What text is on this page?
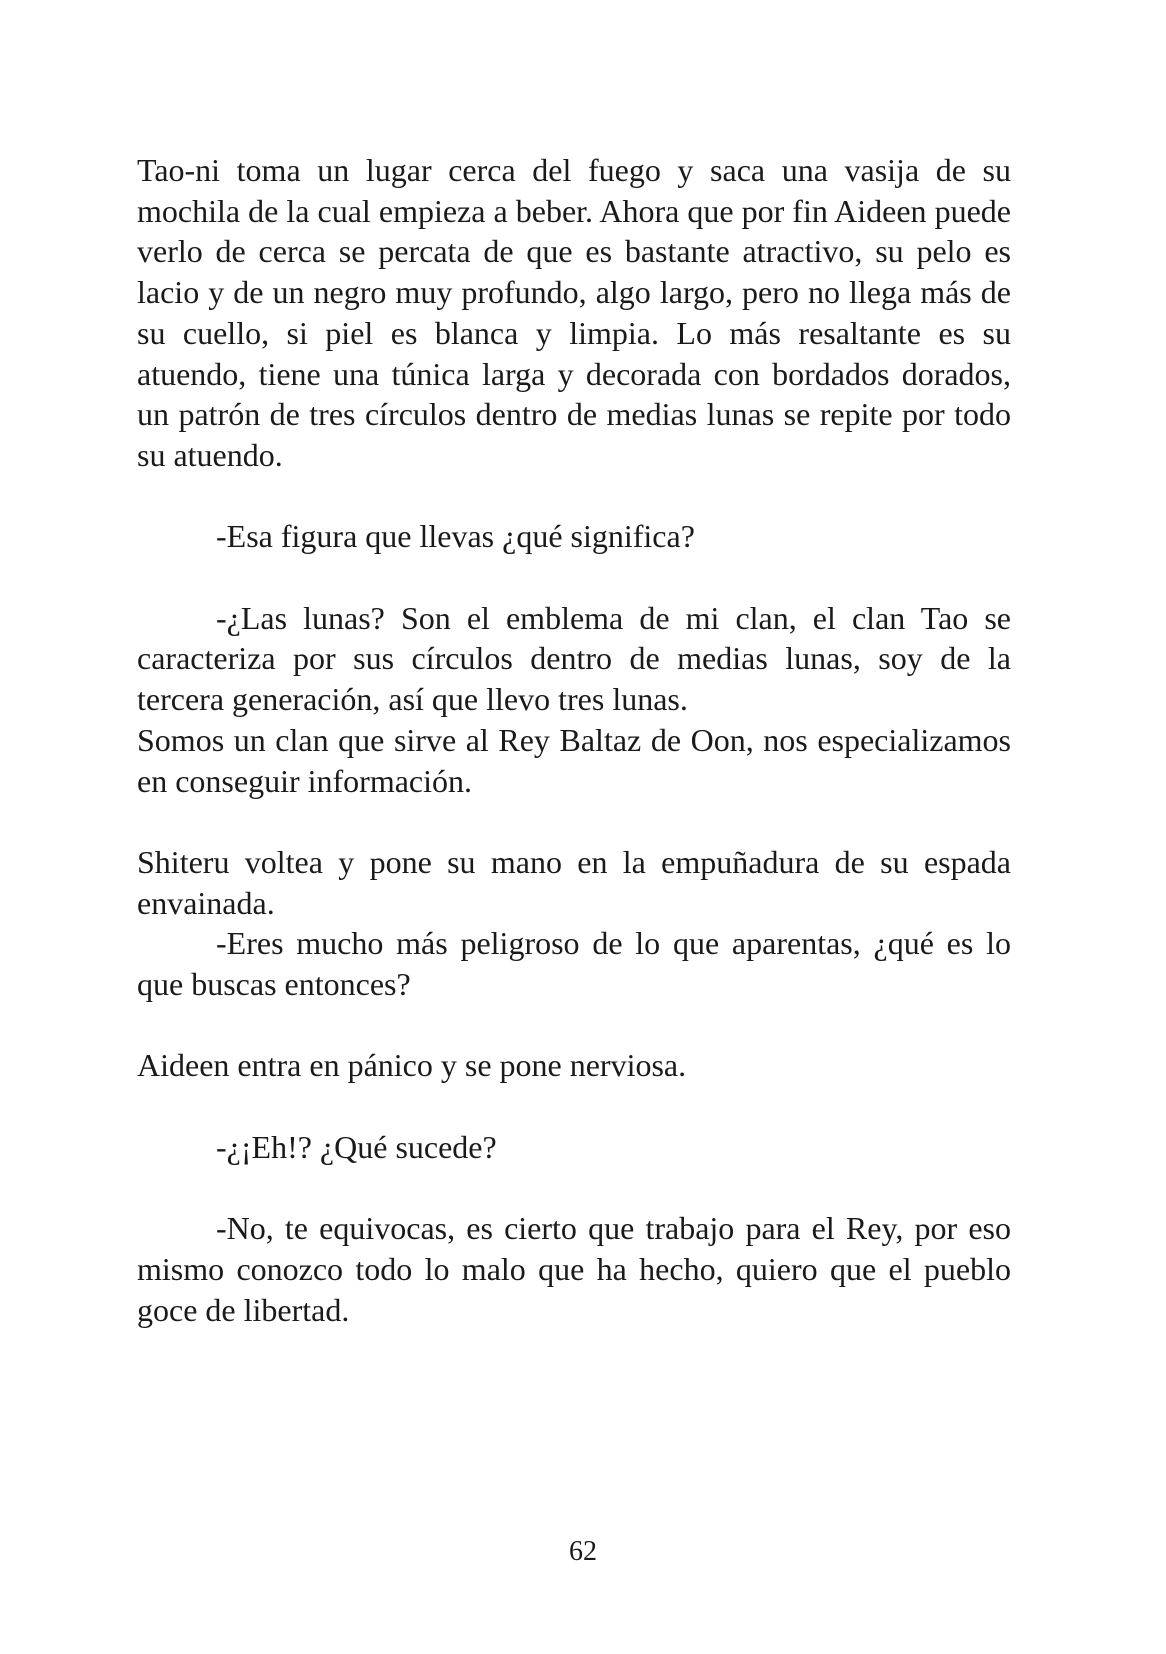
Tao-ni toma un lugar cerca del fuego y saca una vasija de su mochila de la cual empieza a beber. Ahora que por fin Aideen puede verlo de cerca se percata de que es bastante atractivo, su pelo es lacio y de un negro muy profundo, algo largo, pero no llega más de su cuello, si piel es blanca y limpia. Lo más resaltante es su atuendo, tiene una túnica larga y decorada con bordados dorados, un patrón de tres círculos dentro de medias lunas se repite por todo su atuendo.

-Esa figura que llevas ¿qué significa?

-¿Las lunas? Son el emblema de mi clan, el clan Tao se caracteriza por sus círculos dentro de medias lunas, soy de la tercera generación, así que llevo tres lunas.

Somos un clan que sirve al Rey Baltaz de Oon, nos especializamos en conseguir información.

Shiteru voltea y pone su mano en la empuñadura de su espada envainada.

-Eres mucho más peligroso de lo que aparentas, ¿qué es lo que buscas entonces?

Aideen entra en pánico y se pone nerviosa.

-¿¡Eh!? ¿Qué sucede?

-No, te equivocas, es cierto que trabajo para el Rey, por eso mismo conozco todo lo malo que ha hecho, quiero que el pueblo goce de libertad.

62
